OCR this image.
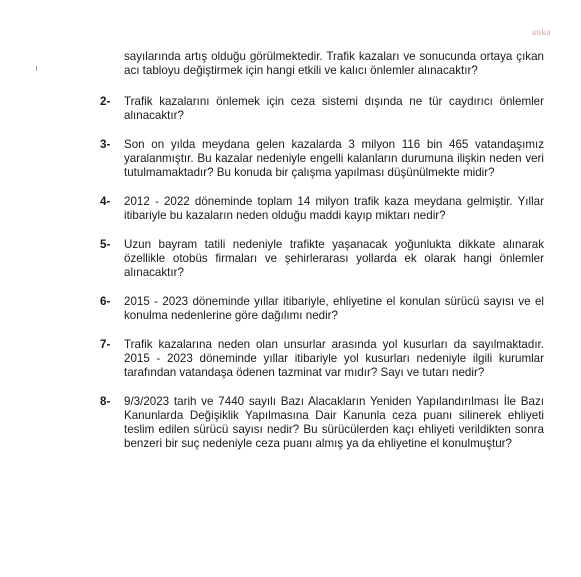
anka

sayılarında artış olduğu görülmektedir. Trafik kazaları ve sonucunda ortaya çıkan acı tabloyu değiştirmek için hangi etkili ve kalıcı önlemler alınacaktır?

2-	Trafik kazalarını önlemek için ceza sistemi dışında ne tür caydırıcı önlemler alınacaktır?
3-	Son on yılda meydana gelen kazalarda 3 milyon 116 bin 465 vatandaşımız yaralanmıştır. Bu kazalar nedeniyle engelli kalanların durumuna ilişkin neden veri tutulmamaktadır? Bu konuda bir çalışma yapılması düşünülmekte midir?
4-	2012 - 2022 döneminde toplam 14 milyon trafik kaza meydana gelmiştir. Yıllar itibariyle bu kazaların neden olduğu maddi kayıp miktarı nedir?
5-	Uzun bayram tatili nedeniyle trafikte yaşanacak yoğunlukta dikkate alınarak özellikle otobüs firmaları ve şehirlerarası yollarda ek olarak hangi önlemler alınacaktır?
6-	2015 - 2023 döneminde yıllar itibariyle, ehliyetine el konulan sürücü sayısı ve el konulma nedenlerine göre dağılımı nedir?
7-	Trafik kazalarına neden olan unsurlar arasında yol kusurları da sayılmaktadır. 2015 - 2023 döneminde yıllar itibariyle yol kusurları nedeniyle ilgili kurumlar tarafından vatandaşa ödenen tazminat var mıdır? Sayı ve tutarı nedir?
8-	9/3/2023 tarih ve 7440 sayılı Bazı Alacakların Yeniden Yapılandırılması İle Bazı Kanunlarda Değişiklik Yapılmasına Dair Kanunla ceza puanı silinerek ehliyeti teslim edilen sürücü sayısı nedir? Bu sürücülerden kaçı ehliyeti verildikten sonra benzeri bir suç nedeniyle ceza puanı almış ya da ehliyetine el konulmuştur?
